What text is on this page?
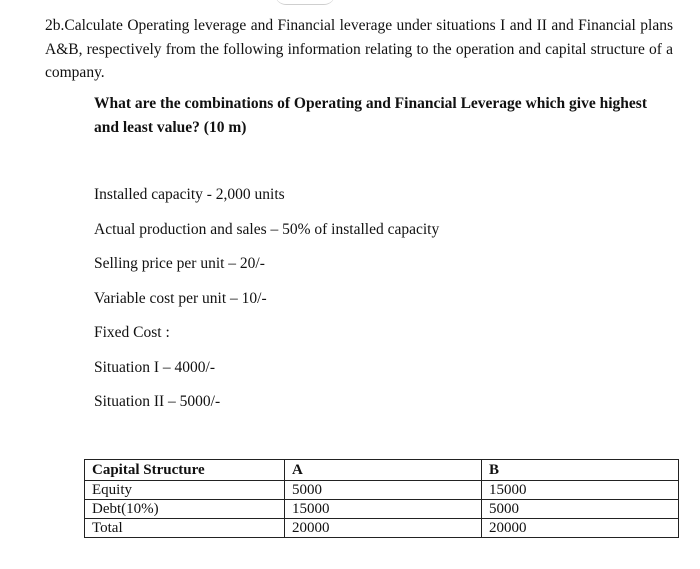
2b.Calculate Operating leverage and Financial leverage under situations I and II and Financial plans A&B, respectively from the following information relating to the operation and capital structure of a company.

What are the combinations of Operating and Financial Leverage which give highest and least value? (10 m)

Installed capacity - 2,000 units

Actual production and sales – 50% of installed capacity

Selling price per unit – 20/-

Variable cost per unit – 10/-

Fixed Cost :

Situation I – 4000/-

Situation II – 5000/-

Capital Structure	A	B
Equity	5000	15000
Debt(10%)	15000	5000
Total	20000	20000
